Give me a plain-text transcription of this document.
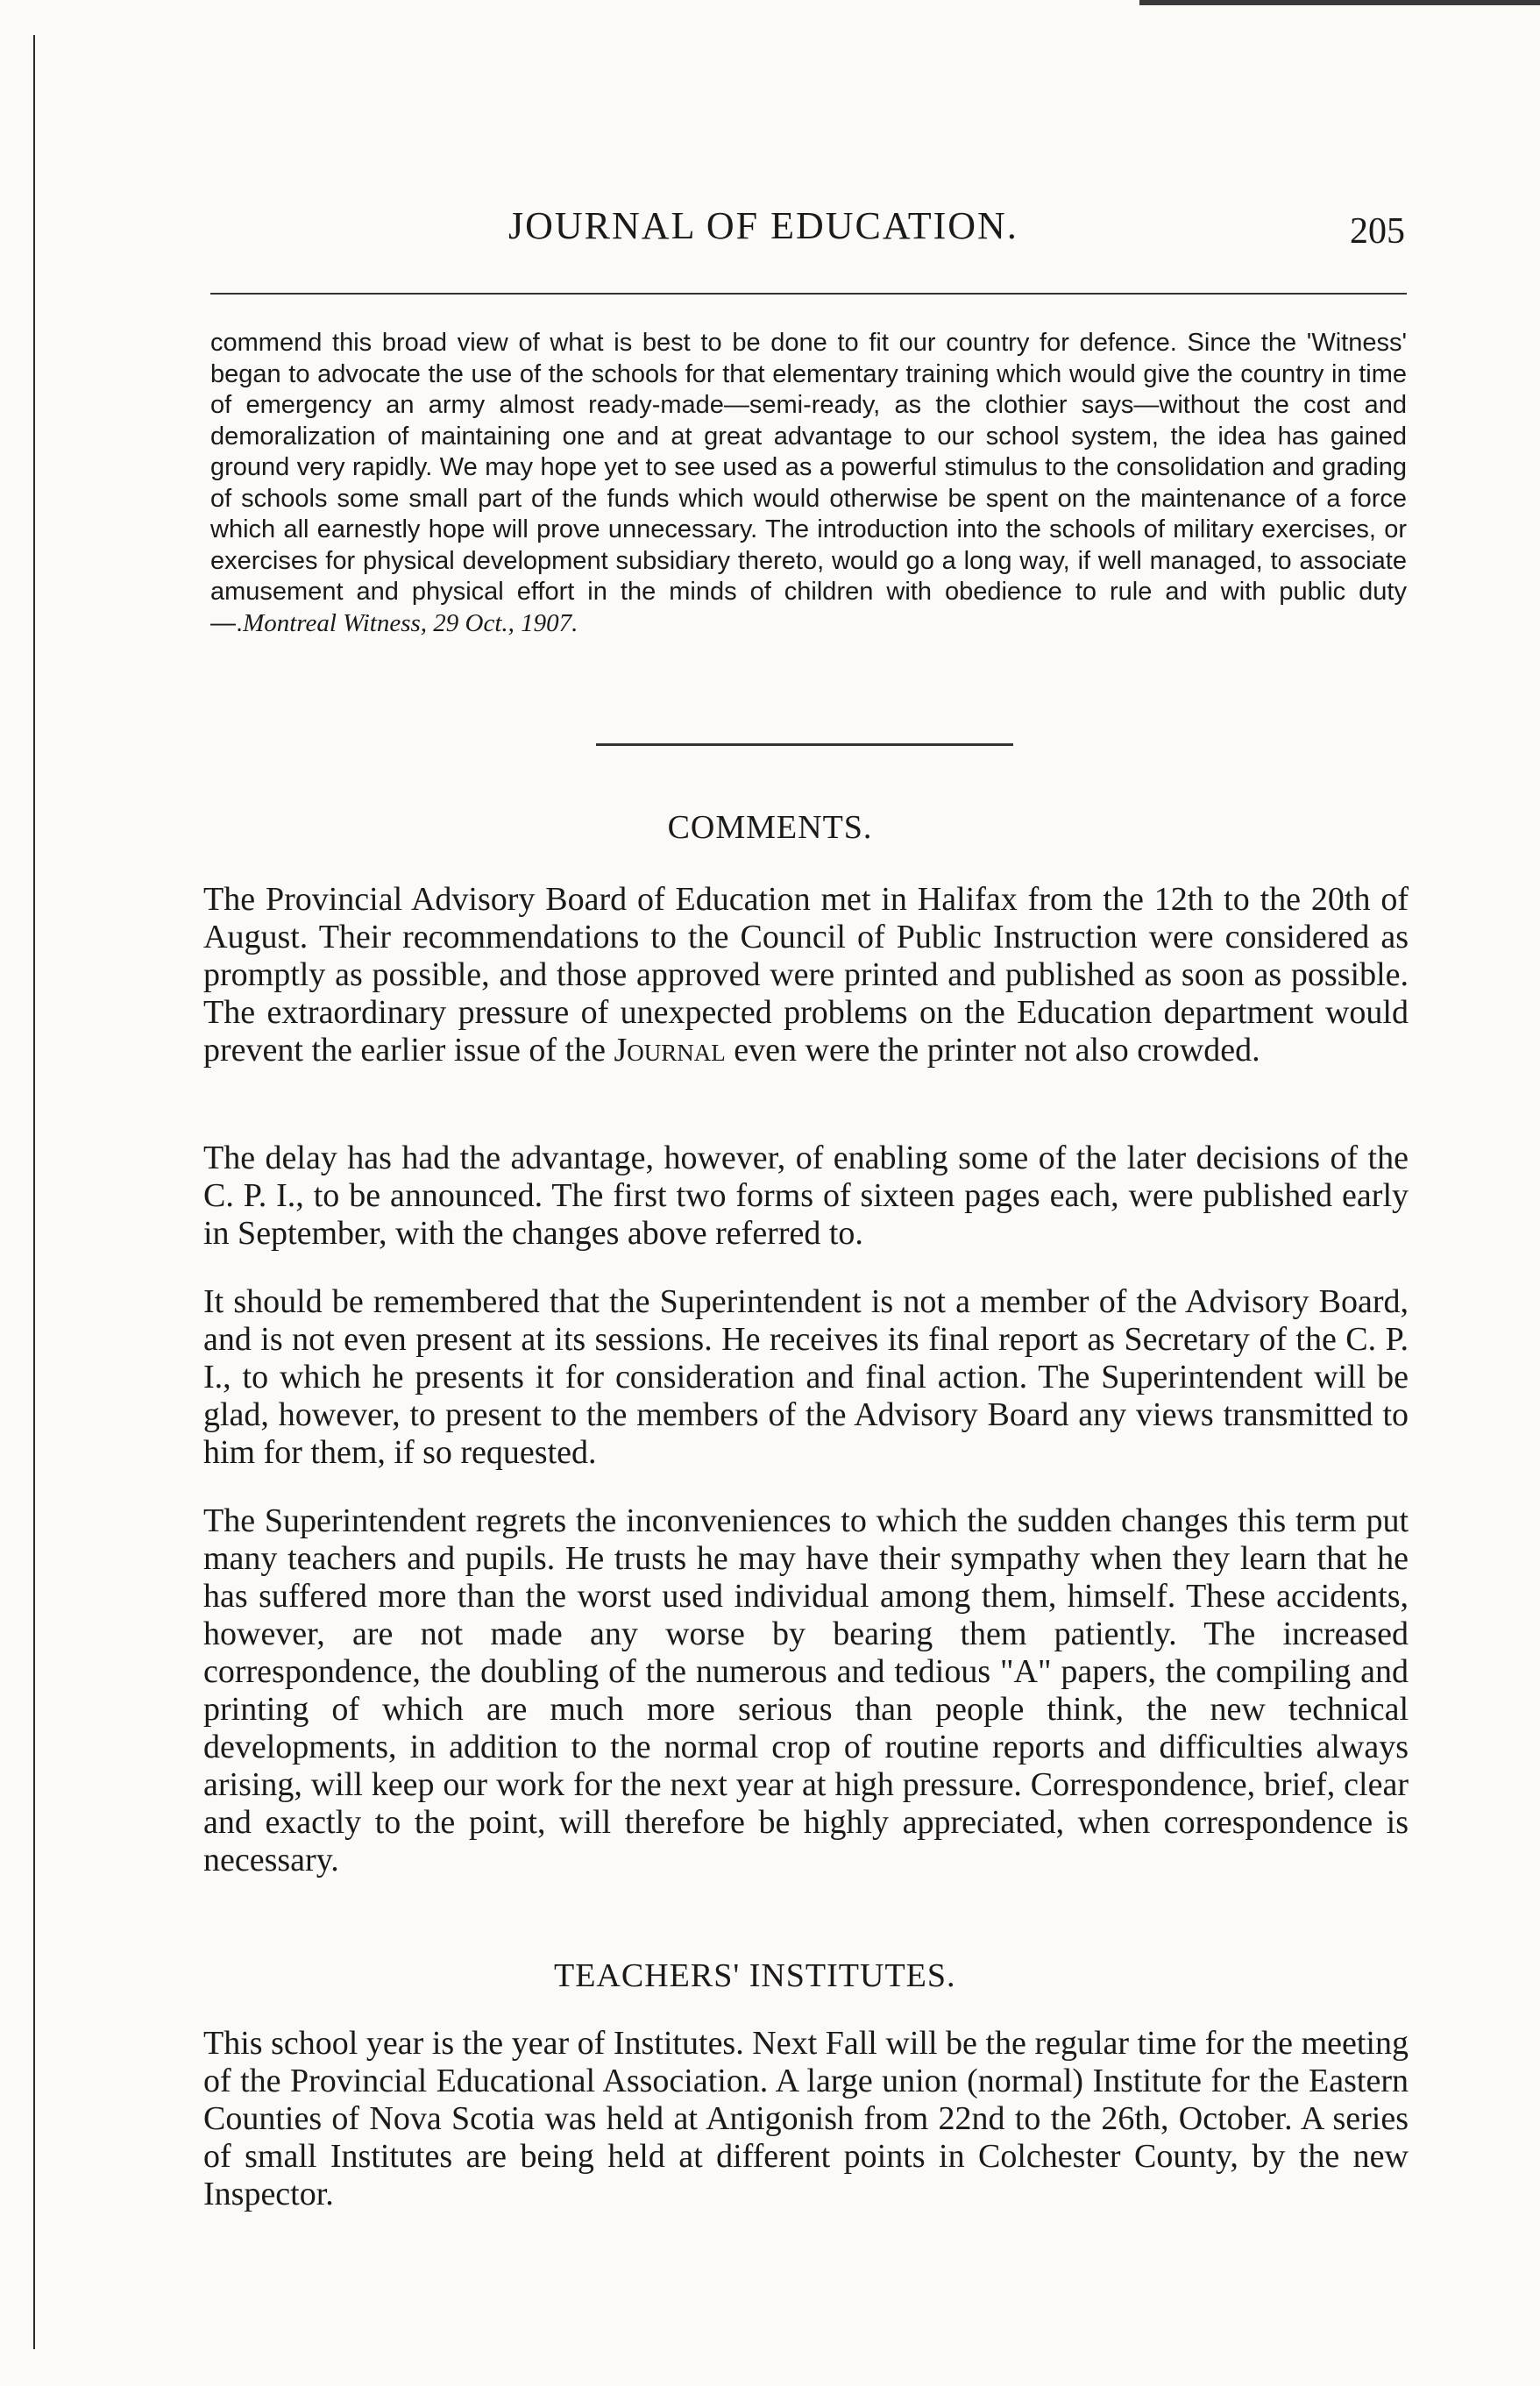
JOURNAL OF EDUCATION.	205

commend this broad view of what is best to be done to fit our country for defence. Since the 'Witness' began to advocate the use of the schools for that elementary training which would give the country in time of emergency an army almost ready-made—semi-ready, as the clothier says—without the cost and demoralization of maintaining one and at great advantage to our school system, the idea has gained ground very rapidly. We may hope yet to see used as a powerful stimulus to the consolidation and grading of schools some small part of the funds which would otherwise be spent on the maintenance of a force which all earnestly hope will prove unnecessary. The introduction into the schools of military exercises, or exercises for physical development subsidiary thereto, would go a long way, if well managed, to associate amusement and physical effort in the minds of children with obedience to rule and with public duty—.Montreal Witness, 29 Oct., 1907.

COMMENTS.

The Provincial Advisory Board of Education met in Halifax from the 12th to the 20th of August. Their recommendations to the Council of Public Instruction were considered as promptly as possible, and those approved were printed and published as soon as possible. The extraordinary pressure of unexpected problems on the Education department would prevent the earlier issue of the Journal even were the printer not also crowded.

The delay has had the advantage, however, of enabling some of the later decisions of the C. P. I., to be announced. The first two forms of sixteen pages each, were published early in September, with the changes above referred to.

It should be remembered that the Superintendent is not a member of the Advisory Board, and is not even present at its sessions. He receives its final report as Secretary of the C. P. I., to which he presents it for consideration and final action. The Superintendent will be glad, however, to present to the members of the Advisory Board any views transmitted to him for them, if so requested.

The Superintendent regrets the inconveniences to which the sudden changes this term put many teachers and pupils. He trusts he may have their sympathy when they learn that he has suffered more than the worst used individual among them, himself. These accidents, however, are not made any worse by bearing them patiently. The increased correspondence, the doubling of the numerous and tedious "A" papers, the compiling and printing of which are much more serious than people think, the new technical developments, in addition to the normal crop of routine reports and difficulties always arising, will keep our work for the next year at high pressure. Correspondence, brief, clear and exactly to the point, will therefore be highly appreciated, when correspondence is necessary.

TEACHERS' INSTITUTES.

This school year is the year of Institutes. Next Fall will be the regular time for the meeting of the Provincial Educational Association. A large union (normal) Institute for the Eastern Counties of Nova Scotia was held at Antigonish from 22nd to the 26th, October. A series of small Institutes are being held at different points in Colchester County, by the new Inspector.
